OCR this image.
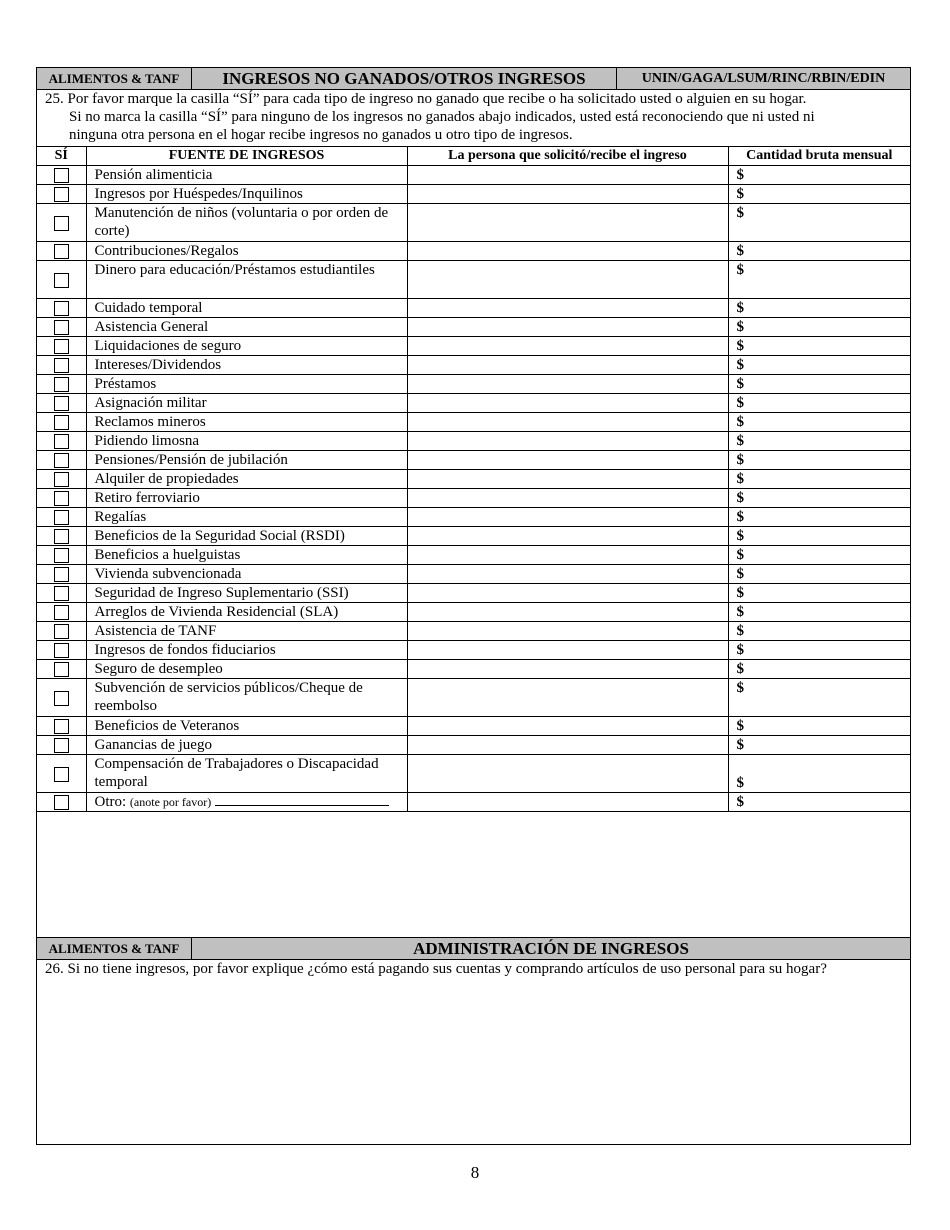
ALIMENTOS & TANF	INGRESOS NO GANADOS/OTROS INGRESOS	UNIN/GAGA/LSUM/RINC/RBIN/EDIN
25. Por favor marque la casilla “SÍ” para cada tipo de ingreso no ganado que recibe o ha solicitado usted o alguien en su hogar.
Si no marca la casilla “SÍ” para ninguno de los ingresos no ganados abajo indicados, usted está reconociendo que ni usted ni
ninguna otra persona en el hogar recibe ingresos no ganados u otro tipo de ingresos.
SÍ	FUENTE DE INGRESOS	La persona que solicitó/recibe el ingreso	Cantidad bruta mensual
	Pensión alimenticia		$
	Ingresos por Huéspedes/Inquilinos		$
	Manutención de niños (voluntaria o por orden de corte)		$
	Contribuciones/Regalos		$
	Dinero para educación/Préstamos estudiantiles		$
	Cuidado temporal		$
	Asistencia General		$
	Liquidaciones de seguro		$
	Intereses/Dividendos		$
	Préstamos		$
	Asignación militar		$
	Reclamos mineros		$
	Pidiendo limosna		$
	Pensiones/Pensión de jubilación		$
	Alquiler de propiedades		$
	Retiro ferroviario		$
	Regalías		$
	Beneficios de la Seguridad Social (RSDI)		$
	Beneficios a huelguistas		$
	Vivienda subvencionada		$
	Seguridad de Ingreso Suplementario (SSI)		$
	Arreglos de Vivienda Residencial (SLA)		$
	Asistencia de TANF		$
	Ingresos de fondos fiduciarios		$
	Seguro de desempleo		$
	Subvención de servicios públicos/Cheque de reembolso		$
	Beneficios de Veteranos		$
	Ganancias de juego		$
	Compensación de Trabajadores o Discapacidad temporal		$
	Otro: (anote por favor)		$
ALIMENTOS & TANF	ADMINISTRACIÓN DE INGRESOS
26. Si no tiene ingresos, por favor explique ¿cómo está pagando sus cuentas y comprando artículos de uso personal para su hogar?
8
